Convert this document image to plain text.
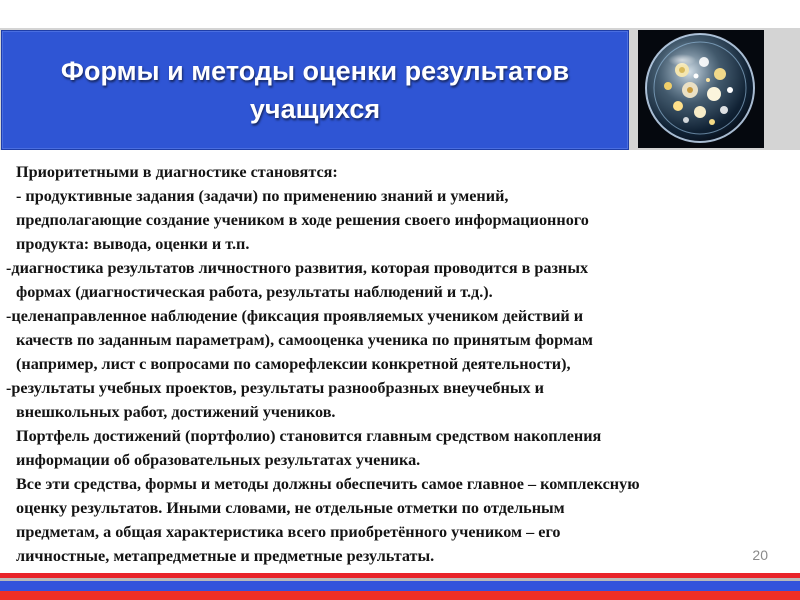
Формы и методы оценки результатов учащихся
Приоритетными в диагностике становятся:
- продуктивные задания (задачи) по применению знаний и умений,
предполагающие создание учеником в ходе решения своего информационного
продукта: вывода, оценки и т.п.
-диагностика результатов личностного развития, которая проводится в разных
формах (диагностическая работа, результаты наблюдений и т.д.).
-целенаправленное наблюдение (фиксация проявляемых учеником действий и
качеств по заданным параметрам), самооценка ученика по принятым формам
(например, лист с вопросами по саморефлексии конкретной деятельности),
-результаты учебных проектов, результаты разнообразных внеучебных и
внешкольных работ, достижений учеников.
Портфель достижений (портфолио) становится главным средством накопления
информации об образовательных результатах ученика.
Все эти средства, формы и методы должны обеспечить самое главное – комплексную
оценку результатов. Иными словами, не отдельные отметки по отдельным
предметам, а общая характеристика всего приобретённого учеником – его
личностные, метапредметные и предметные результаты.	20
